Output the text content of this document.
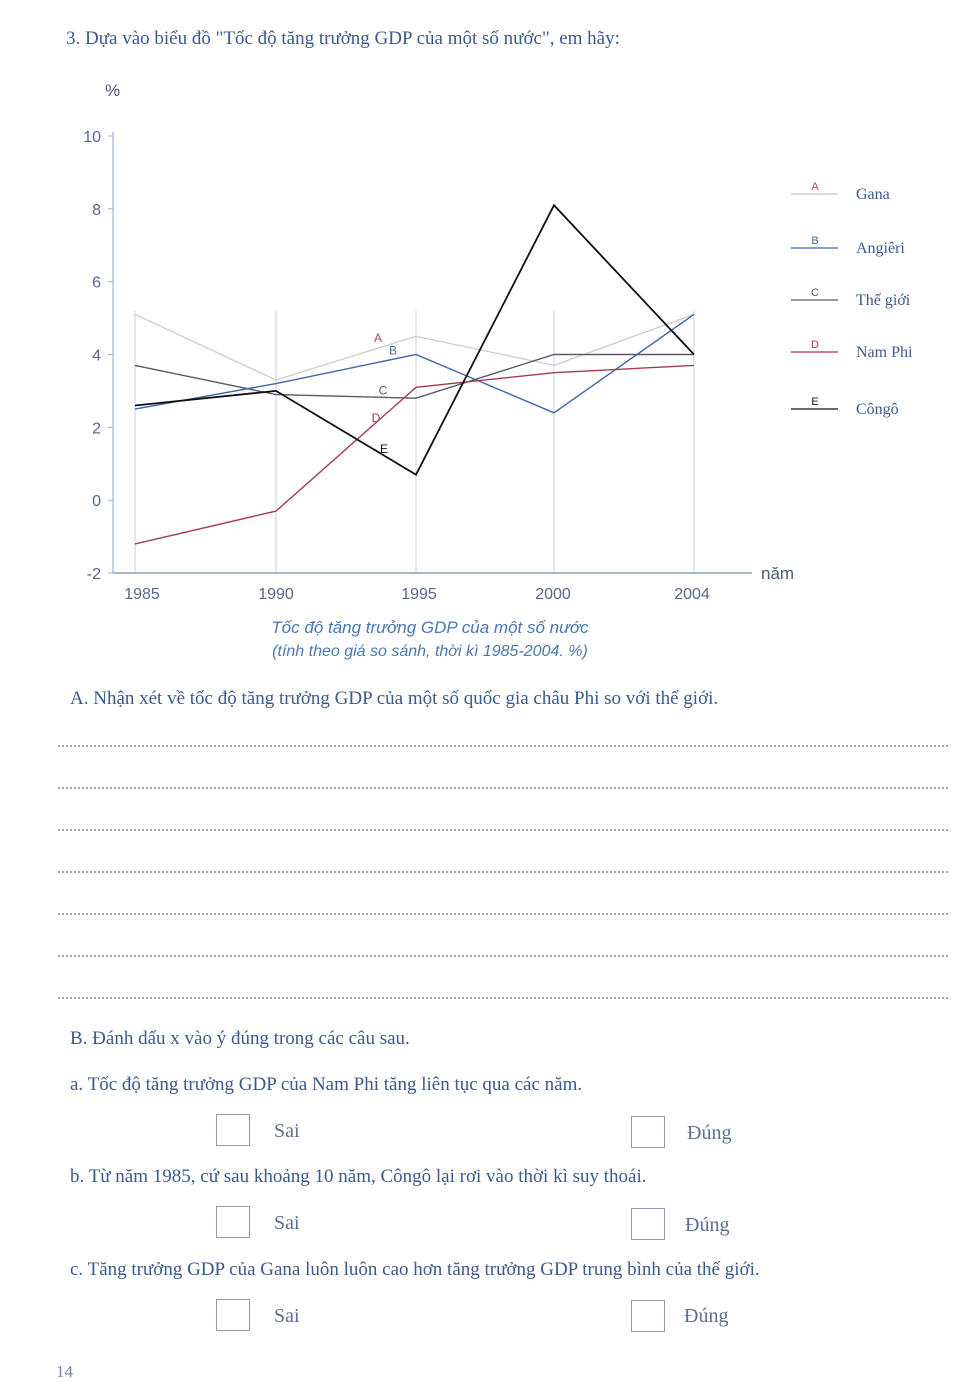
3. Dựa vào biểu đồ "Tốc độ tăng trưởng GDP của một số nước", em hãy:
%
năm
-2
0
2
4
6
8
10
1985	1990	1995	2000	2004
A
B
C
D
E
A Gana
B Angiêri
C Thế giới
D Nam Phi
E Côngô
Tốc độ tăng trưởng GDP của một số nước
(tính theo giá so sánh, thời kì 1985-2004. %)
A. Nhận xét về tốc độ tăng trưởng GDP của một số quốc gia châu Phi so với thế giới.
B. Đánh dấu x vào ý đúng trong các câu sau.
a. Tốc độ tăng trưởng GDP của Nam Phi tăng liên tục qua các năm.
Sai	Đúng
b. Từ năm 1985, cứ sau khoảng 10 năm, Côngô lại rơi vào thời kì suy thoái.
Sai	Đúng
c. Tăng trưởng GDP của Gana luôn luôn cao hơn tăng trưởng GDP trung bình của thế giới.
Sai	Đúng
14
